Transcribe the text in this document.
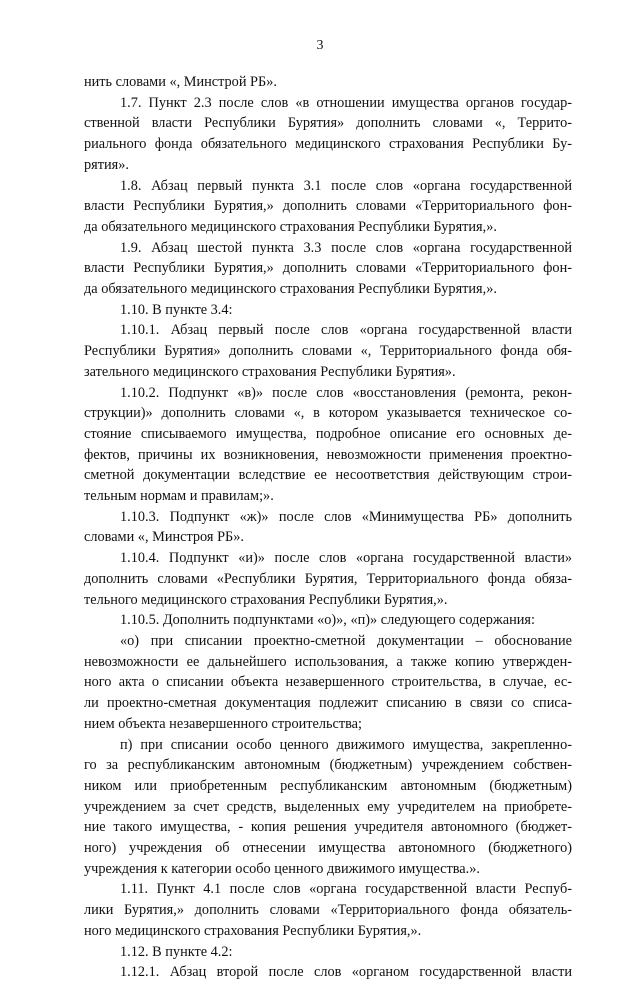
3

нить словами «, Минстрой РБ».

1.7. Пункт 2.3 после слов «в отношении имущества органов государ-

ственной власти Республики Бурятия» дополнить словами «, Террито-

риального фонда обязательного медицинского страхования Республики Бу-

рятия».

1.8. Абзац первый пункта 3.1 после слов «органа государственной

власти Республики Бурятия,» дополнить словами «Территориального фон-

да обязательного медицинского страхования Республики Бурятия,».

1.9. Абзац шестой пункта 3.3 после слов «органа государственной

власти Республики Бурятия,» дополнить словами «Территориального фон-

да обязательного медицинского страхования Республики Бурятия,».

1.10. В пункте 3.4:

1.10.1. Абзац первый после слов «органа государственной власти

Республики Бурятия» дополнить словами «, Территориального фонда обя-

зательного медицинского страхования Республики Бурятия».

1.10.2. Подпункт «в)» после слов «восстановления (ремонта, рекон-

струкции)» дополнить словами «, в котором указывается техническое со-

стояние списываемого имущества, подробное описание его основных де-

фектов, причины их возникновения, невозможности применения проектно-

сметной документации вследствие ее несоответствия действующим строи-

тельным нормам и правилам;».

1.10.3. Подпункт «ж)» после слов «Минимущества РБ» дополнить

словами «, Минстроя РБ».

1.10.4. Подпункт «и)» после слов «органа государственной власти»

дополнить словами «Республики Бурятия, Территориального фонда обяза-

тельного медицинского страхования Республики Бурятия,».

1.10.5. Дополнить подпунктами «о)», «п)» следующего содержания:

«о) при списании проектно-сметной документации – обоснование

невозможности ее дальнейшего использования, а также копию утвержден-

ного акта о списании объекта незавершенного строительства, в случае, ес-

ли проектно-сметная документация подлежит списанию в связи со списа-

нием объекта незавершенного строительства;

п) при списании особо ценного движимого имущества, закрепленно-

го за республиканским автономным (бюджетным) учреждением собствен-

ником или приобретенным республиканским автономным (бюджетным)

учреждением за счет средств, выделенных ему учредителем на приобрете-

ние такого имущества, - копия решения учредителя автономного (бюджет-

ного) учреждения об отнесении имущества автономного (бюджетного)

учреждения к категории особо ценного движимого имущества.».

1.11. Пункт 4.1 после слов «органа государственной власти Респуб-

лики Бурятия,» дополнить словами «Территориального фонда обязатель-

ного медицинского страхования Республики Бурятия,».

1.12. В пункте 4.2:

1.12.1. Абзац второй после слов «органом государственной власти
